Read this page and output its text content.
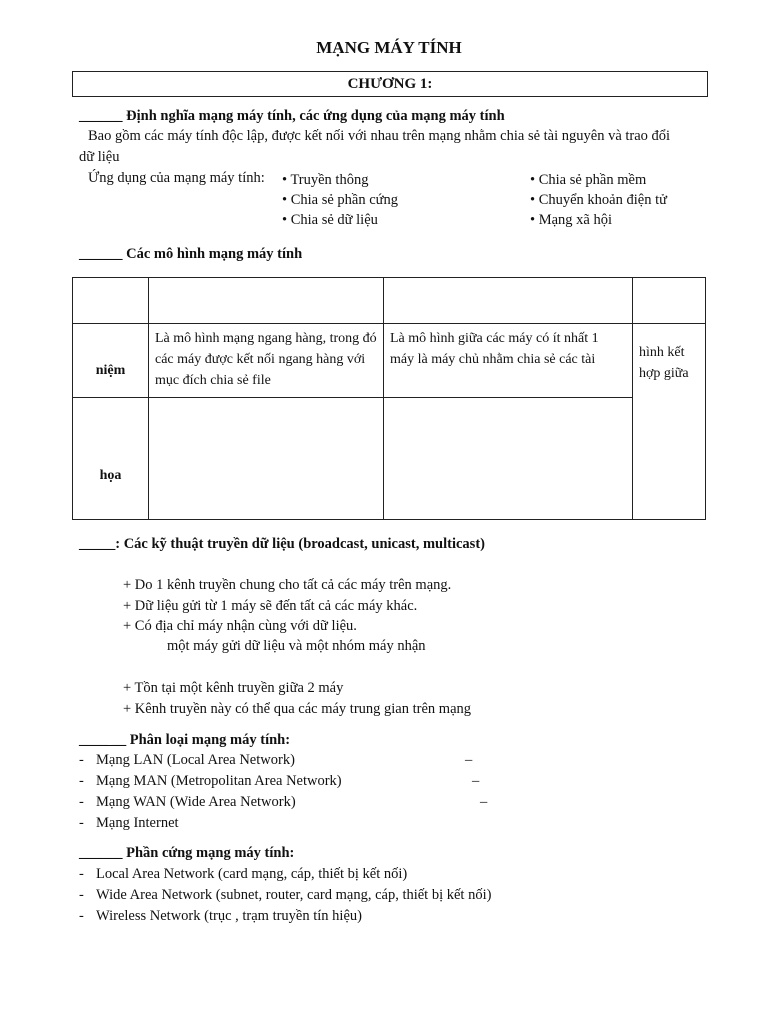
MẠNG MÁY TÍNH
CHƯƠNG 1:
______ Định nghĩa mạng máy tính, các ứng dụng của mạng máy tính
Bao gồm các máy tính độc lập, được kết nối với nhau trên mạng nhằm chia sẻ tài nguyên và trao đổi
dữ liệu
Ứng dụng của mạng máy tính: • Truyền thông
• Chia sẻ phần cứng
• Chia sẻ dữ liệu
• Chia sẻ phần mềm
• Chuyển khoản điện tử
• Mạng xã hội
______ Các mô hình mạng máy tính

niệm	Là mô hình mạng ngang hàng, trong đó các máy được kết nối ngang hàng với mục đích chia sẻ file	Là mô hình giữa các máy có ít nhất 1 máy là máy chủ nhằm chia sẻ các tài	hình kết hợp giữa
họa			
_____: Các kỹ thuật truyền dữ liệu (broadcast, unicast, multicast)
+ Do 1 kênh truyền chung cho tất cả các máy trên mạng.
+ Dữ liệu gửi từ 1 máy sẽ đến tất cả các máy khác.
+ Có địa chỉ máy nhận cùng với dữ liệu.
một máy gửi dữ liệu và một nhóm máy nhận
+ Tồn tại một kênh truyền giữa 2 máy
+ Kênh truyền này có thể qua các máy trung gian trên mạng
____ __ Phân loại mạng máy tính:
- Mạng LAN (Local Area Network)	–
- Mạng MAN (Metropolitan Area Network)	–
- Mạng WAN (Wide Area Network)	–
- Mạng Internet
______ Phần cứng mạng máy tính:
- Local Area Network (card mạng, cáp, thiết bị kết nối)
- Wide Area Network (subnet, router, card mạng, cáp, thiết bị kết nối)
- Wireless Network (trục , trạm truyền tín hiệu)
